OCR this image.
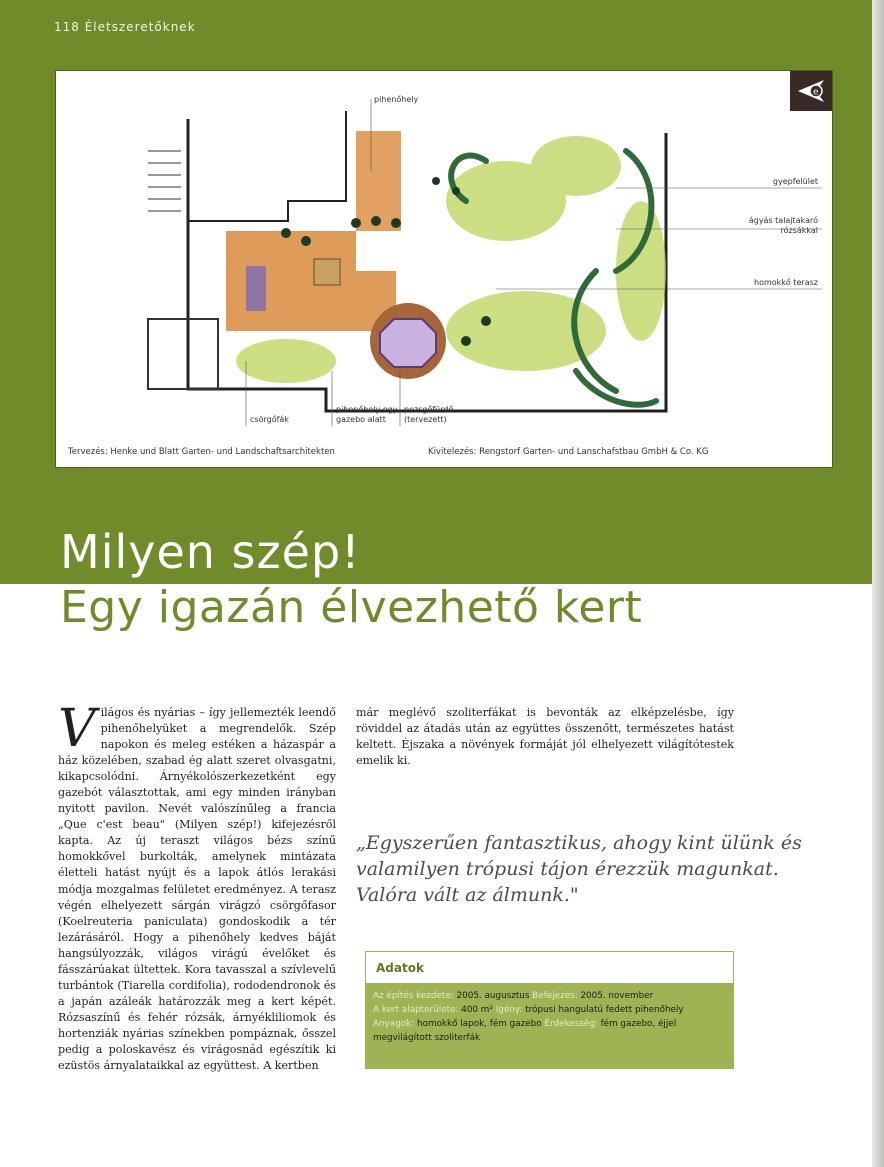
118 Életszeretőknek
e
pihenőhely
gyepfelület
ágyás talajtakaró
rózsákkal
homokkő terasz
csörgőfák
pihenőhely egy
gazebo alatt
pezsgőfürdő
(tervezett)
Tervezés: Henke und Blatt Garten- und Landschaftsarchitekten	Kivitelezés: Rengstorf Garten- und Lanschafstbau GmbH & Co. KG
Milyen szép!
Egy igazán élvezhető kert
V ilágos és nyárias – így jellemezték leendő pihenőhelyüket a megrendelők. Szép napokon és meleg estéken a házaspár a ház közelében, szabad ég alatt szeret olvasgatni, kikapcsolódni. Árnyékolószerkezetként egy gazebót választottak, ami egy minden irányban nyitott pavilon. Nevét valószínűleg a francia „Que c'est beau" (Milyen szép!) kifejezésről kapta. Az új teraszt világos bézs színű homokkővel burkolták, amelynek mintázata életteli hatást nyújt és a lapok átlós lerakási módja mozgalmas felületet eredményez. A terasz végén elhelyezett sárgán virágzó csörgőfasor (Koelreuteria paniculata) gondoskodik a tér lezárásáról. Hogy a pihenőhely kedves báját hangsúlyozzák, világos virágú évelőket és fásszárúakat ültettek. Kora tavasszal a szívlevelű turbántok (Tiarella cordifolia), rododendronok és a japán azáleák határozzák meg a kert képét. Rózsaszínű és fehér rózsák, árnyékliliomok és hortenziák nyárias színekben pompáznak, ősszel pedig a poloskavész és virágosnád egészítik ki ezüstös árnyalataikkal az együttest. A kertben
már meglévő szoliterfákat is bevonták az elképzelésbe, így röviddel az átadás után az együttes összenőtt, természetes hatást keltett. Éjszaka a növények formáját jól elhelyezett világítótestek emelik ki.
„Egyszerűen fantasztikus, ahogy kint ülünk és valamilyen trópusi tájon érezzük magunkat. Valóra vált az álmunk."
Adatok
Az építés kezdete: 2005. augusztus Befejezés: 2005. november
A kert alapterülete: 400 m² Igény: trópusi hangulatú fedett pihenőhely
Anyagok: homokkő lapok, fém gazebo Érdekesség: fém gazebo, éjjel megvilágított szoliterfák
